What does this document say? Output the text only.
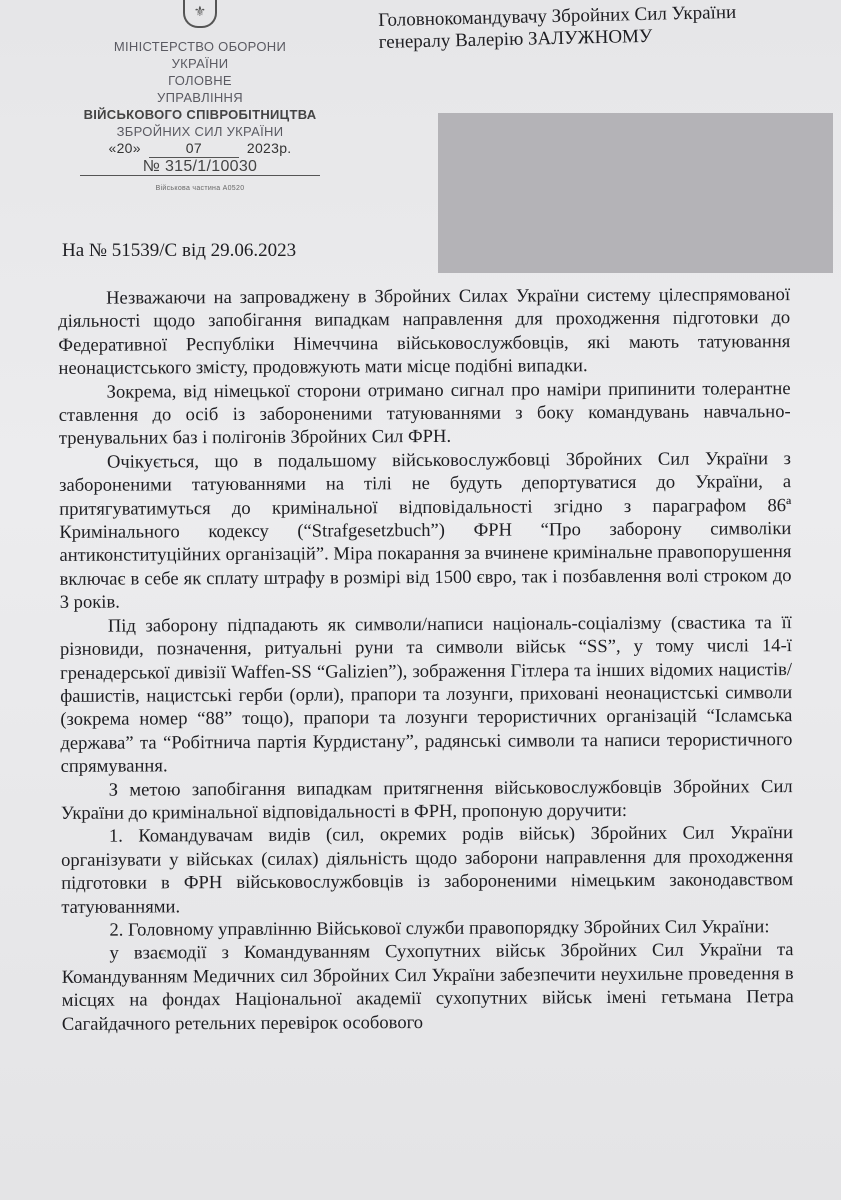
⚜
МІНІСТЕРСТВО ОБОРОНИ
УКРАЇНИ
ГОЛОВНЕ
УПРАВЛІННЯ
ВІЙСЬКОВОГО СПІВРОБІТНИЦТВА
ЗБРОЙНИХ СИЛ УКРАЇНИ
«20»	07	2023р.
№ 315/1/10030
Військова частина А0520
На № 51539/С від 29.06.2023
Головнокомандувачу Збройних Сил України
генералу Валерію ЗАЛУЖНОМУ

Незважаючи на запроваджену в Збройних Силах України систему цілеспрямованої діяльності щодо запобігання випадкам направлення для проходження підготовки до Федеративної Республіки Німеччина військовослужбовців, які мають татуювання неонацистського змісту, продовжують мати місце подібні випадки.

Зокрема, від німецької сторони отримано сигнал про наміри припинити толерантне ставлення до осіб із забороненими татуюваннями з боку командувань навчально-тренувальних баз і полігонів Збройних Сил ФРН.

Очікується, що в подальшому військовослужбовці Збройних Сил України з забороненими татуюваннями на тілі не будуть депортуватися до України, а притягуватимуться до кримінальної відповідальності згідно з параграфом 86ª Кримінального кодексу (“Strafgesetzbuch”) ФРН “Про заборону символіки антиконституційних організацій”. Міра покарання за вчинене кримінальне правопорушення включає в себе як сплату штрафу в розмірі від 1500 євро, так і позбавлення волі строком до 3 років.

Під заборону підпадають як символи/написи національ-соціалізму (свастика та її різновиди, позначення, ритуальні руни та символи військ “SS”, у тому числі 14-ї гренадерської дивізії Waffen-SS “Galizien”), зображення Гітлера та інших відомих нацистів/фашистів, нацистські герби (орли), прапори та лозунги, приховані неонацистські символи (зокрема номер “88” тощо), прапори та лозунги терористичних організацій “Ісламська держава” та “Робітнича партія Курдистану”, радянські символи та написи терористичного спрямування.

З метою запобігання випадкам притягнення військовослужбовців Збройних Сил України до кримінальної відповідальності в ФРН, пропоную доручити:

1. Командувачам видів (сил, окремих родів військ) Збройних Сил України організувати у військах (силах) діяльність щодо заборони направлення для проходження підготовки в ФРН військовослужбовців із забороненими німецьким законодавством татуюваннями.

2. Головному управлінню Військової служби правопорядку Збройних Сил України:

у взаємодії з Командуванням Сухопутних військ Збройних Сил України та Командуванням Медичних сил Збройних Сил України забезпечити неухильне проведення в місцях на фондах Національної академії сухопутних військ імені гетьмана Петра Сагайдачного ретельних перевірок особового
